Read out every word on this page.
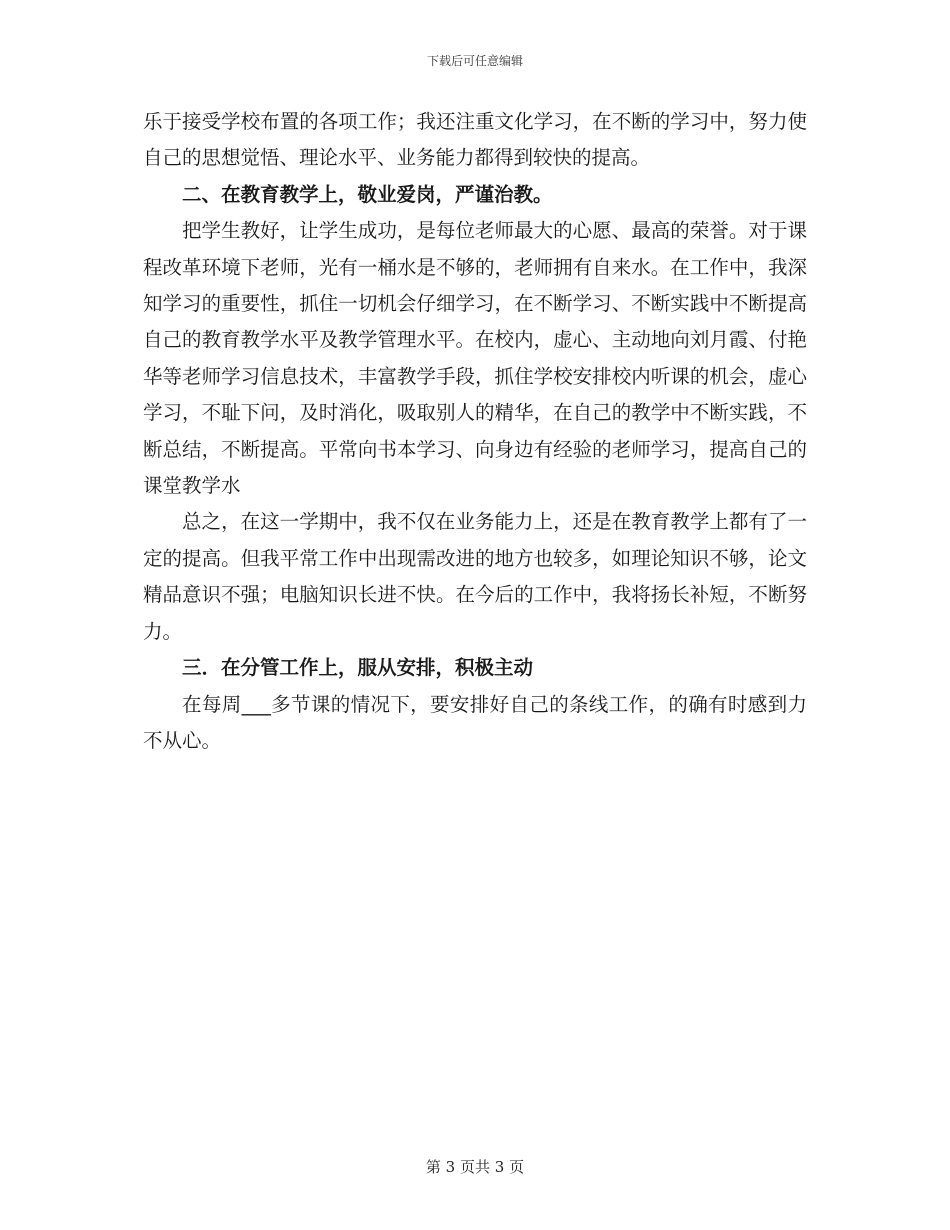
下载后可任意编辑

乐于接受学校布置的各项工作；我还注重文化学习，在不断的学习中，努力使自己的思想觉悟、理论水平、业务能力都得到较快的提高。

二、在教育教学上，敬业爱岗，严谨治教。

把学生教好，让学生成功，是每位老师最大的心愿、最高的荣誉。对于课程改革环境下老师，光有一桶水是不够的，老师拥有自来水。在工作中，我深知学习的重要性，抓住一切机会仔细学习，在不断学习、不断实践中不断提高自己的教育教学水平及教学管理水平。在校内，虚心、主动地向刘月霞、付艳华等老师学习信息技术，丰富教学手段，抓住学校安排校内听课的机会，虚心学习，不耻下问，及时消化，吸取别人的精华，在自己的教学中不断实践，不断总结，不断提高。平常向书本学习、向身边有经验的老师学习，提高自己的课堂教学水

总之，在这一学期中，我不仅在业务能力上，还是在教育教学上都有了一定的提高。但我平常工作中出现需改进的地方也较多，如理论知识不够，论文精品意识不强；电脑知识长进不快。在今后的工作中，我将扬长补短，不断努力。

三．在分管工作上，服从安排，积极主动

在每周___多节课的情况下，要安排好自己的条线工作，的确有时感到力不从心。

第 3 页共 3 页
